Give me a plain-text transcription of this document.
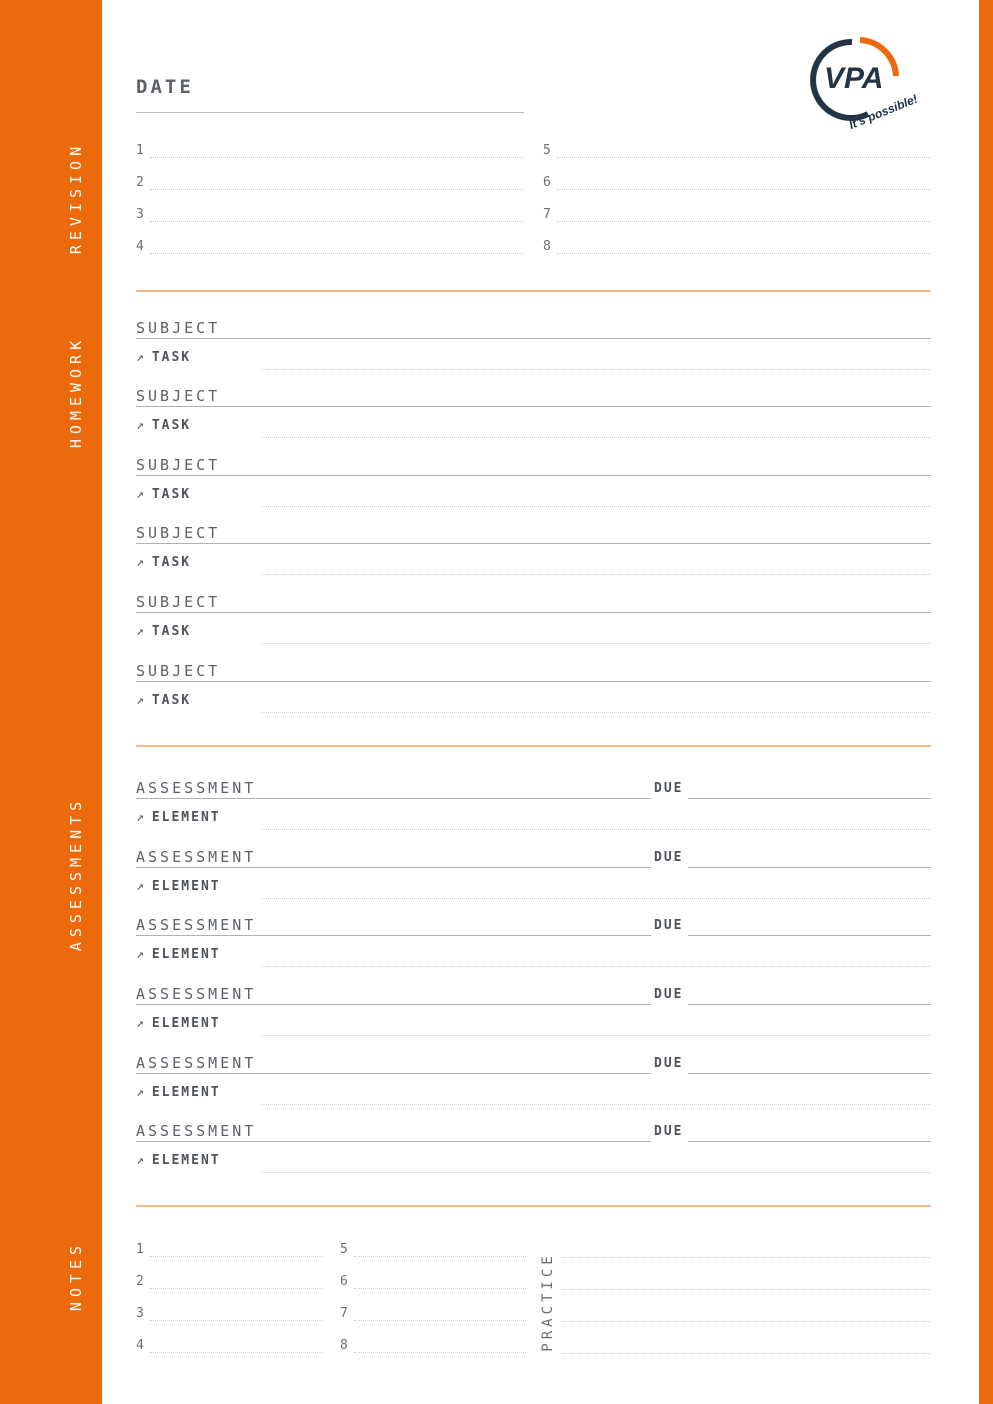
REVISION
HOMEWORK
ASSESSMENTS
NOTES
VPA
It's possible!
DATE
1
2
3
4
5
6
7
8
SUBJECT
↗ TASK
SUBJECT
↗ TASK
SUBJECT
↗ TASK
SUBJECT
↗ TASK
SUBJECT
↗ TASK
SUBJECT
↗ TASK
ASSESSMENT	DUE
↗ ELEMENT
ASSESSMENT	DUE
↗ ELEMENT
ASSESSMENT	DUE
↗ ELEMENT
ASSESSMENT	DUE
↗ ELEMENT
ASSESSMENT	DUE
↗ ELEMENT
ASSESSMENT	DUE
↗ ELEMENT
1
2
3
4
5
6
7
8	PRACTICE
